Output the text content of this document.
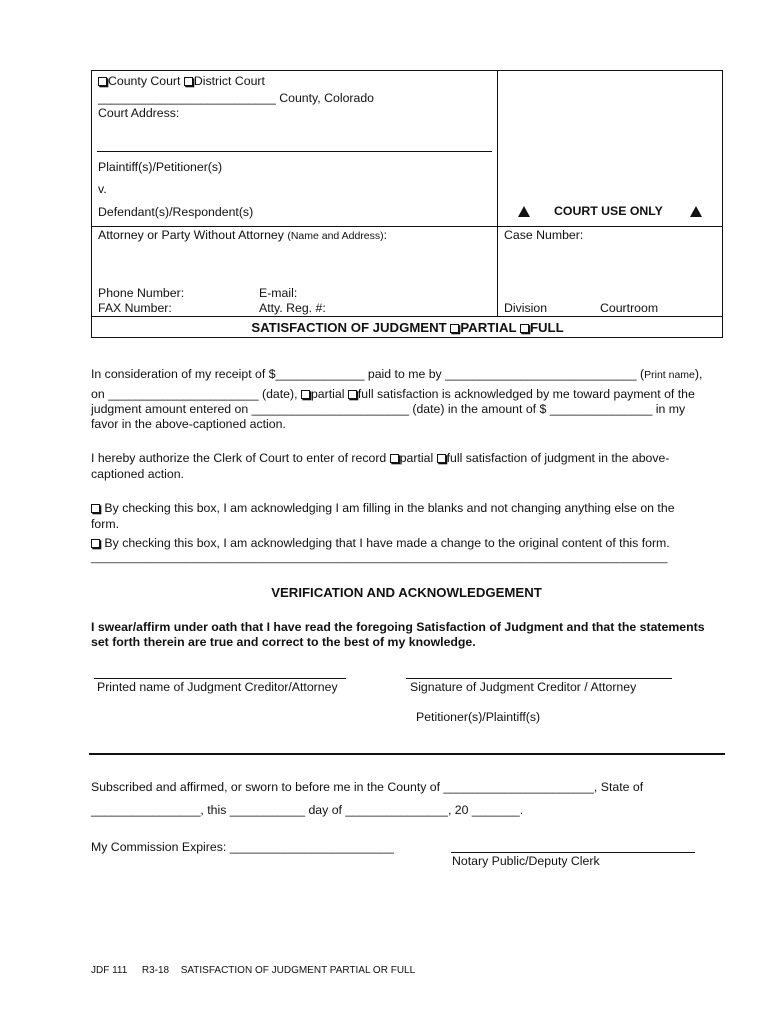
County Court District Court
__________________________ County, Colorado
Court Address:
Plaintiff(s)/Petitioner(s)
v.
Defendant(s)/Respondent(s)	COURT USE ONLY
Attorney or Party Without Attorney (Name and Address):	Case Number:
Phone Number:	E-mail:
FAX Number:	Atty. Reg. #:	Division	Courtroom
SATISFACTION OF JUDGMENT PARTIAL FULL
In consideration of my receipt of $_____________ paid to me by ____________________________ (Print name),
on ______________________ (date), partial full satisfaction is acknowledged by me toward payment of the
judgment amount entered on _______________________ (date) in the amount of $ _______________ in my
favor in the above-captioned action.
I hereby authorize the Clerk of Court to enter of record partial full satisfaction of judgment in the above-
captioned action.
By checking this box, I am acknowledging I am filling in the blanks and not changing anything else on the
form.
By checking this box, I am acknowledging that I have made a change to the original content of this form.
___________________________________________________________________________________________
VERIFICATION AND ACKNOWLEDGEMENT
I swear/affirm under oath that I have read the foregoing Satisfaction of Judgment and that the statements
set forth therein are true and correct to the best of my knowledge.
Printed name of Judgment Creditor/Attorney	Signature of Judgment Creditor / Attorney
Petitioner(s)/Plaintiff(s)
Subscribed and affirmed, or sworn to before me in the County of ______________________, State of
________________, this ___________ day of _______________, 20 _______.
My Commission Expires: ________________________
Notary Public/Deputy Clerk
JDF 111 R3-18 SATISFACTION OF JUDGMENT PARTIAL OR FULL
